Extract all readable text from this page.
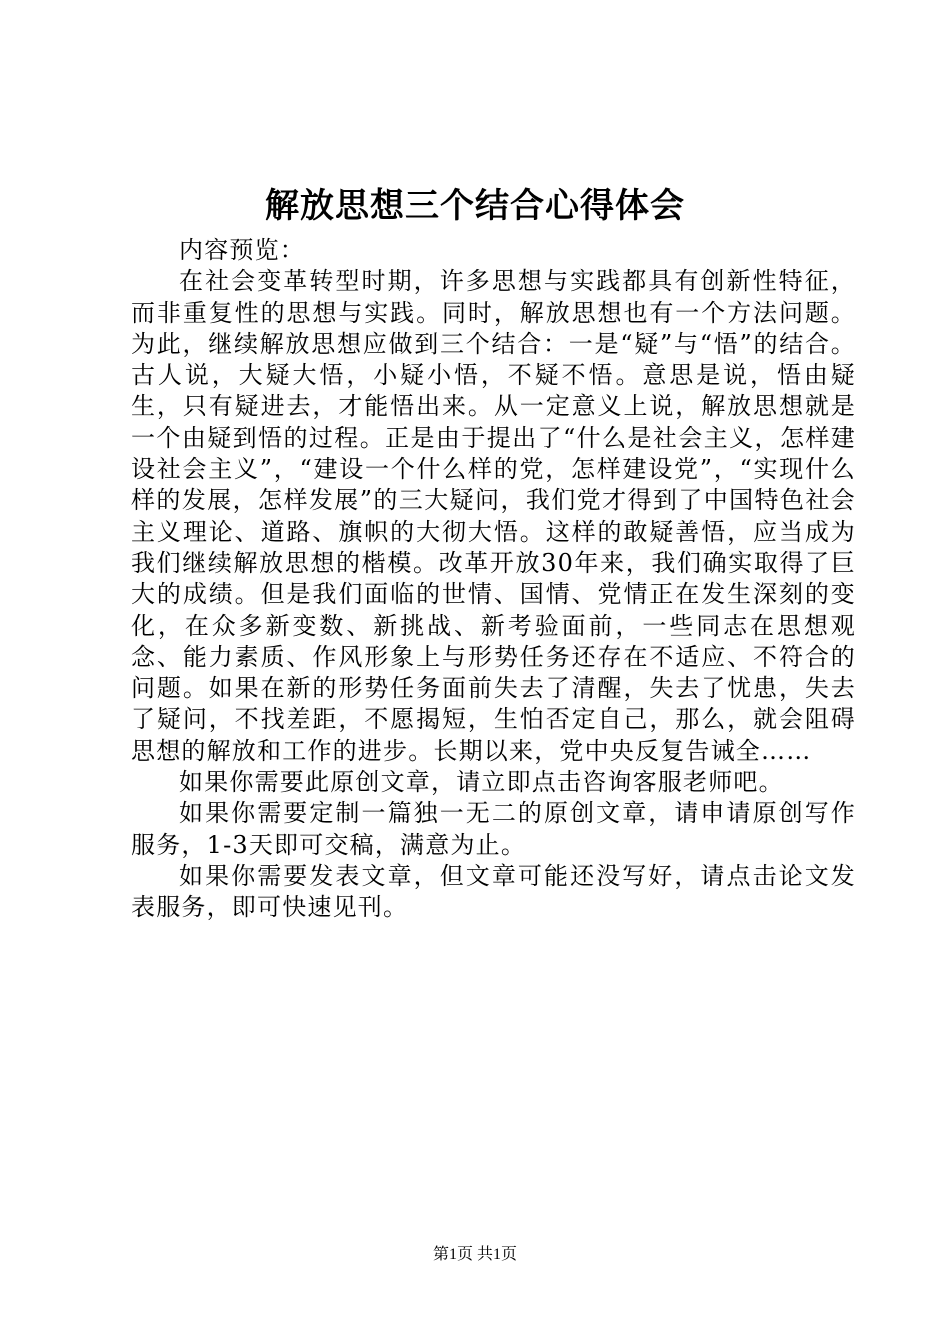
解放思想三个结合心得体会

内容预览：

在社会变革转型时期，许多思想与实践都具有创新性特征，而非重复性的思想与实践。同时，解放思想也有一个方法问题。为此，继续解放思想应做到三个结合：一是“疑”与“悟”的结合。古人说，大疑大悟，小疑小悟，不疑不悟。意思是说，悟由疑生，只有疑进去，才能悟出来。从一定意义上说，解放思想就是一个由疑到悟的过程。正是由于提出了“什么是社会主义，怎样建设社会主义”，“建设一个什么样的党，怎样建设党”，“实现什么样的发展，怎样发展”的三大疑问，我们党才得到了中国特色社会主义理论、道路、旗帜的大彻大悟。这样的敢疑善悟，应当成为我们继续解放思想的楷模。改革开放30年来，我们确实取得了巨大的成绩。但是我们面临的世情、国情、党情正在发生深刻的变化，在众多新变数、新挑战、新考验面前，一些同志在思想观念、能力素质、作风形象上与形势任务还存在不适应、不符合的问题。如果在新的形势任务面前失去了清醒，失去了忧患，失去了疑问，不找差距，不愿揭短，生怕否定自己，那么，就会阻碍思想的解放和工作的进步。长期以来，党中央反复告诫全……

如果你需要此原创文章，请立即点击咨询客服老师吧。

如果你需要定制一篇独一无二的原创文章，请申请原创写作服务，1-3天即可交稿，满意为止。

如果你需要发表文章，但文章可能还没写好，请点击论文发表服务，即可快速见刊。

第1页 共1页
